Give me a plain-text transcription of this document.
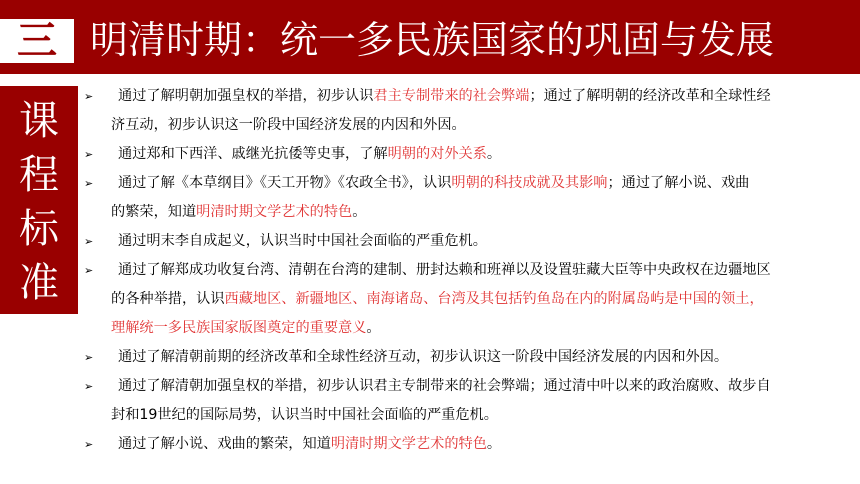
三 明清时期：统一多民族国家的巩固与发展
课
程
标
准
➢ 通过了解明朝加强皇权的举措，初步认识君主专制带来的社会弊端；通过了解明朝的经济改革和全球性经
济互动，初步认识这一阶段中国经济发展的内因和外因。
➢ 通过郑和下西洋、戚继光抗倭等史事，了解明朝的对外关系。
➢ 通过了解《本草纲目》《天工开物》《农政全书》，认识明朝的科技成就及其影响；通过了解小说、戏曲
的繁荣，知道明清时期文学艺术的特色。
➢ 通过明末李自成起义，认识当时中国社会面临的严重危机。
➢ 通过了解郑成功收复台湾、清朝在台湾的建制、册封达赖和班禅以及设置驻藏大臣等中央政权在边疆地区
的各种举措，认识西藏地区、新疆地区、南海诸岛、台湾及其包括钓鱼岛在内的附属岛屿是中国的领土，
理解统一多民族国家版图奠定的重要意义。
➢ 通过了解清朝前期的经济改革和全球性经济互动，初步认识这一阶段中国经济发展的内因和外因。
➢ 通过了解清朝加强皇权的举措，初步认识君主专制带来的社会弊端；通过清中叶以来的政治腐败、故步自
封和19世纪的国际局势，认识当时中国社会面临的严重危机。
➢ 通过了解小说、戏曲的繁荣，知道明清时期文学艺术的特色。
